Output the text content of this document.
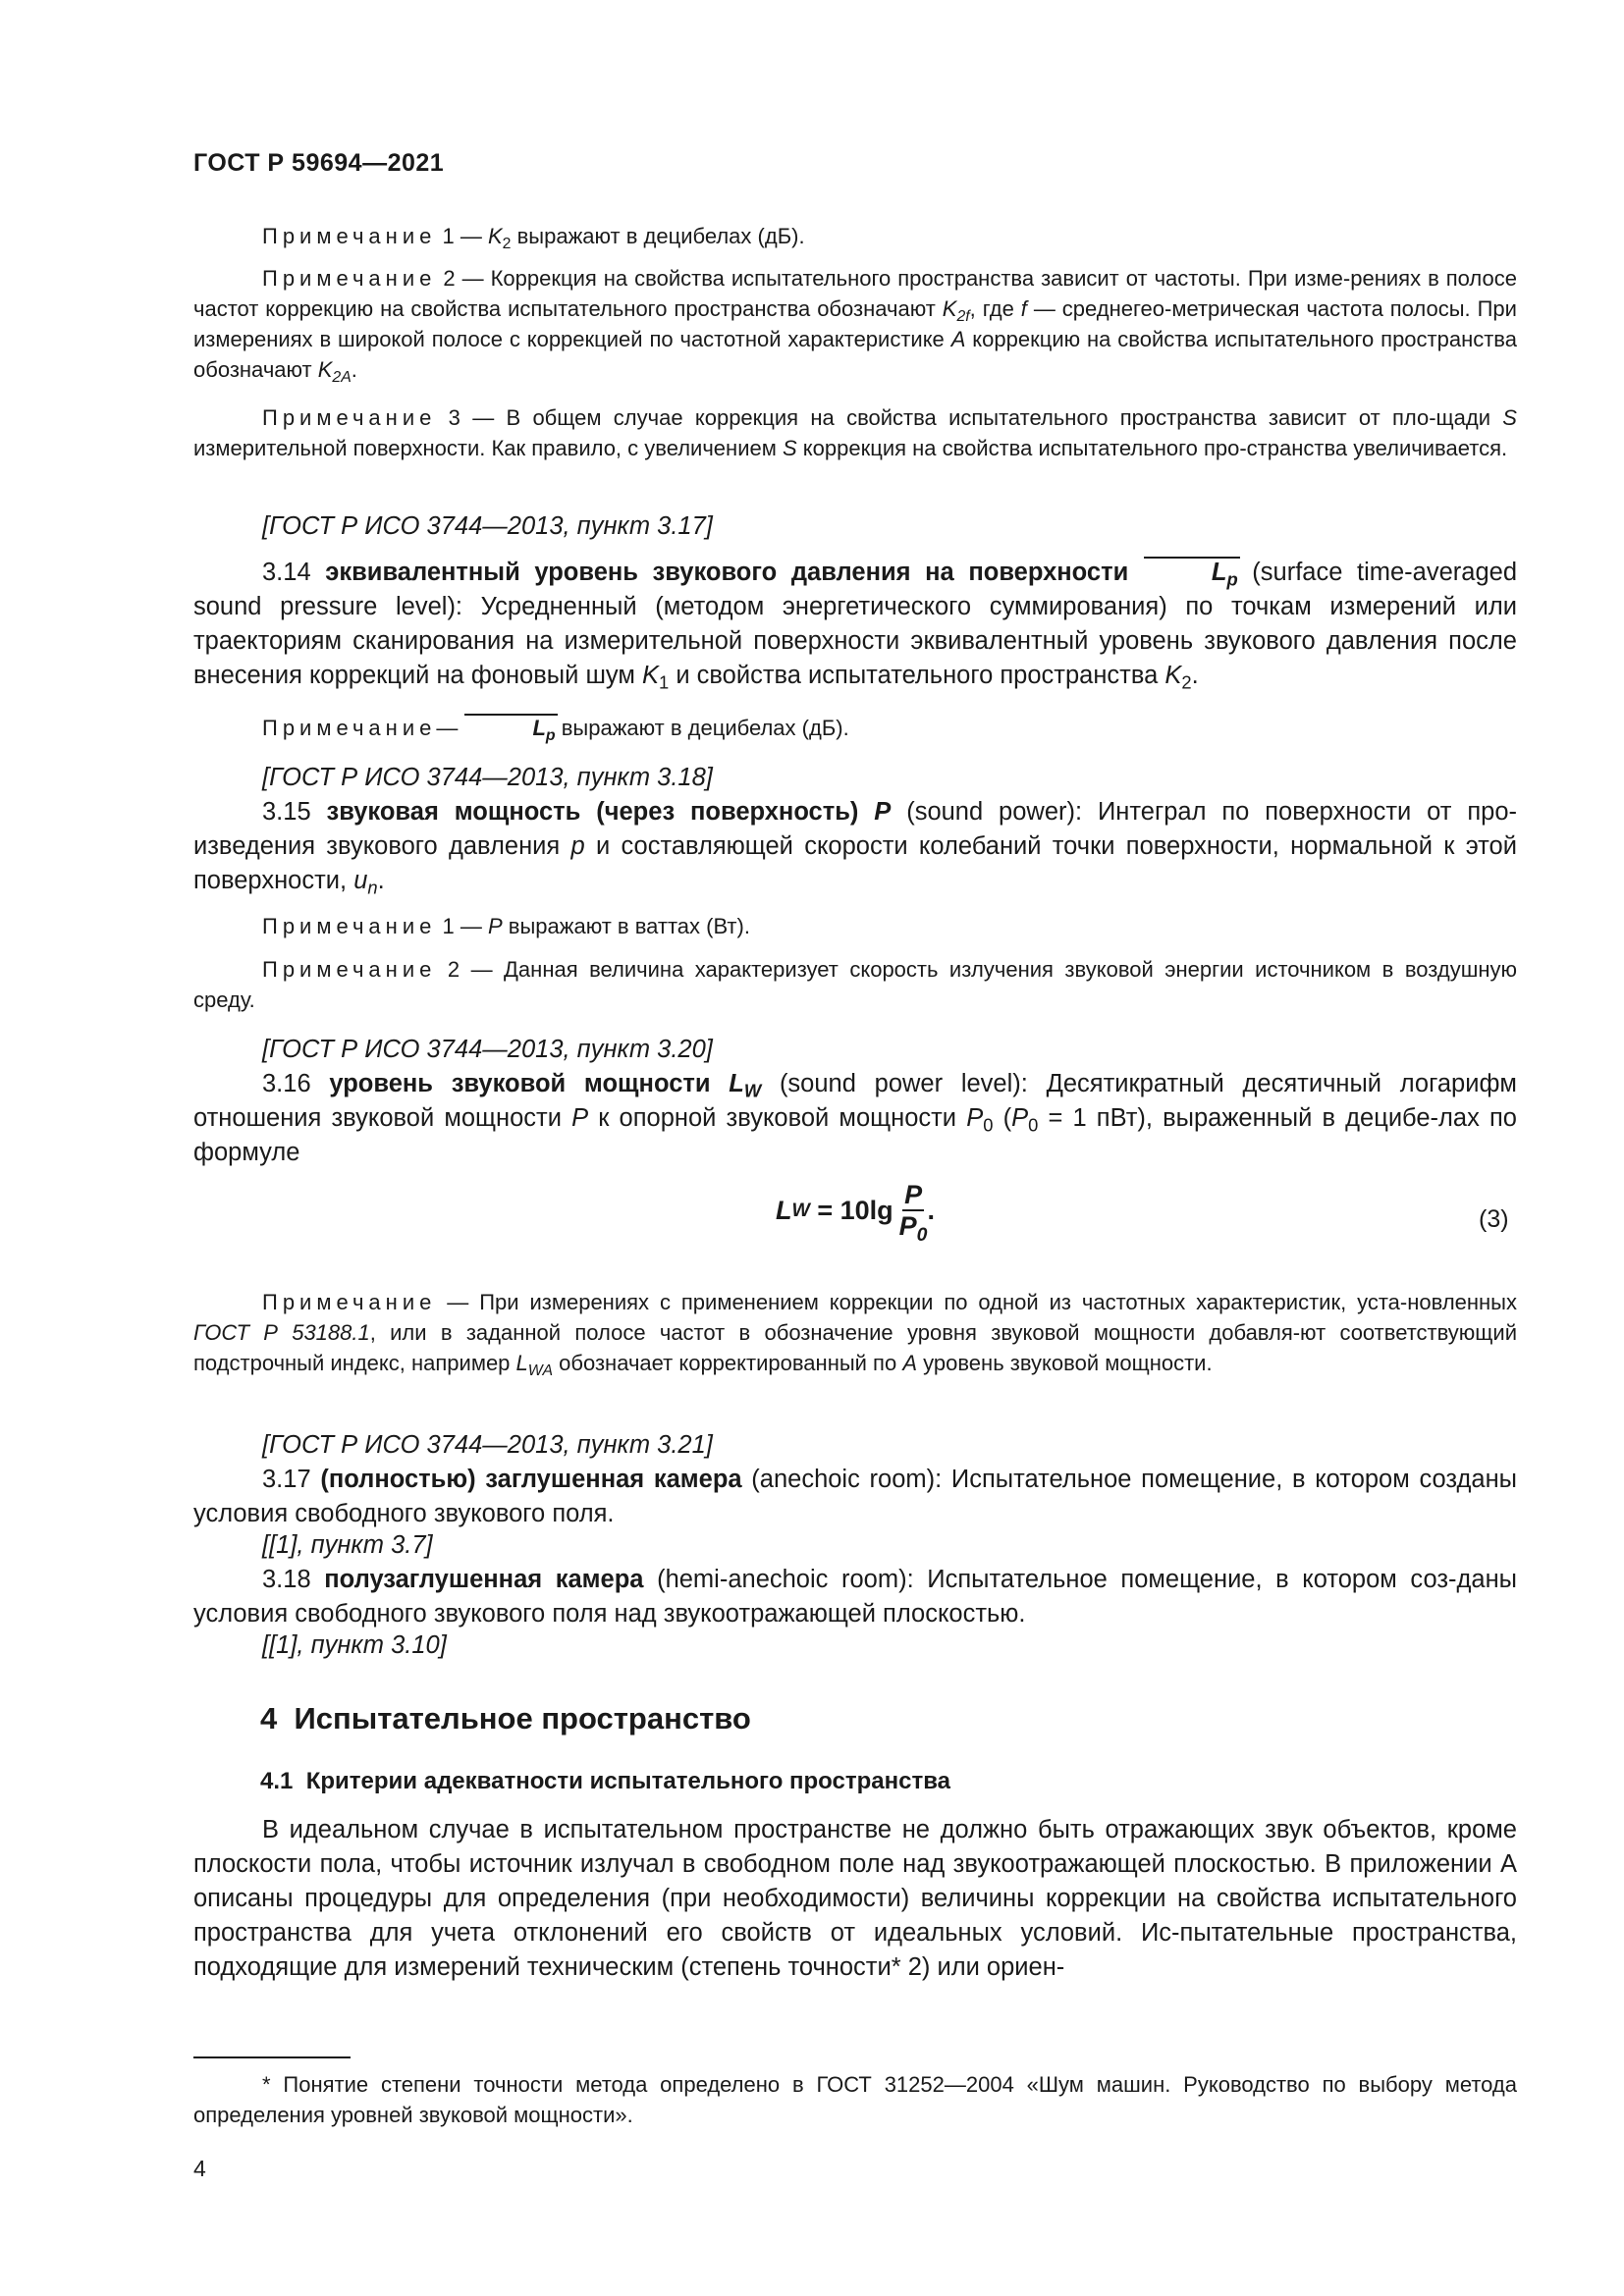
ГОСТ Р 59694—2021
Примечание 1 — $K_2$ выражают в децибелах (дБ).
Примечание 2 — Коррекция на свойства испытательного пространства зависит от частоты. При изме-рениях в полосе частот коррекцию на свойства испытательного пространства обозначают $K_{2f}$, где f — среднегео-метрическая частота полосы. При измерениях в широкой полосе с коррекцией по частотной характеристике A коррекцию на свойства испытательного пространства обозначают $K_{2A}$.
Примечание 3 — В общем случае коррекция на свойства испытательного пространства зависит от пло-щади S измерительной поверхности. Как правило, с увеличением S коррекция на свойства испытательного про-странства увеличивается.
[ГОСТ Р ИСО 3744—2013, пункт 3.17]
3.14 эквивалентный уровень звукового давления на поверхности	$L_p$ (surface time-averaged sound pressure level): Усредненный (методом энергетического суммирования) по точкам измерений или траекториям сканирования на измерительной поверхности эквивалентный уровень звукового давления после внесения коррекций на фоновый шум $K_1$ и свойства испытательного пространства $K_2$.
Примечание—	$L_p$ выражают в децибелах (дБ).
[ГОСТ Р ИСО 3744—2013, пункт 3.18]
3.15 звуковая мощность (через поверхность) P (sound power): Интеграл по поверхности от про-изведения звукового давления p и составляющей скорости колебаний точки поверхности, нормальной к этой поверхности, $u_n$.
Примечание 1 — P выражают в ваттах (Вт).
Примечание 2 — Данная величина характеризует скорость излучения звуковой энергии источником в воздушную среду.
[ГОСТ Р ИСО 3744—2013, пункт 3.20]
3.16 уровень звуковой мощности $L_W$ (sound power level): Десятикратный десятичный логарифм отношения звуковой мощности P к опорной звуковой мощности $P_0$ ($P_0 = 1$ пВт), выраженный в децибе-лах по формуле
L $W = 10\lg \frac{P}{P_0}$ .	(3)
Примечание — При измерениях с применением коррекции по одной из частотных характеристик, уста-новленных ГОСТ Р 53188.1, или в заданной полосе частот в обозначение уровня звуковой мощности добавля-ют соответствующий подстрочный индекс, например $L_{WA}$ обозначает корректированный по A уровень звуковой мощности.
[ГОСТ Р ИСО 3744—2013, пункт 3.21]
3.17 (полностью) заглушенная камера (anechoic room): Испытательное помещение, в котором созданы условия свободного звукового поля.
[[1], пункт 3.7]
3.18 полузаглушенная камера (hemi-anechoic room): Испытательное помещение, в котором соз-даны условия свободного звукового поля над звукоотражающей плоскостью.
[[1], пункт 3.10]
4 Испытательное пространство
4.1 Критерии адекватности испытательного пространства
В идеальном случае в испытательном пространстве не должно быть отражающих звук объектов, кроме плоскости пола, чтобы источник излучал в свободном поле над звукоотражающей плоскостью. В приложении А описаны процедуры для определения (при необходимости) величины коррекции на свойства испытательного пространства для учета отклонений его свойств от идеальных условий. Ис-пытательные пространства, подходящие для измерений техническим (степень точности* 2) или ориен-
* Понятие степени точности метода определено в ГОСТ 31252—2004 «Шум машин. Руководство по выбору метода определения уровней звуковой мощности».
4
